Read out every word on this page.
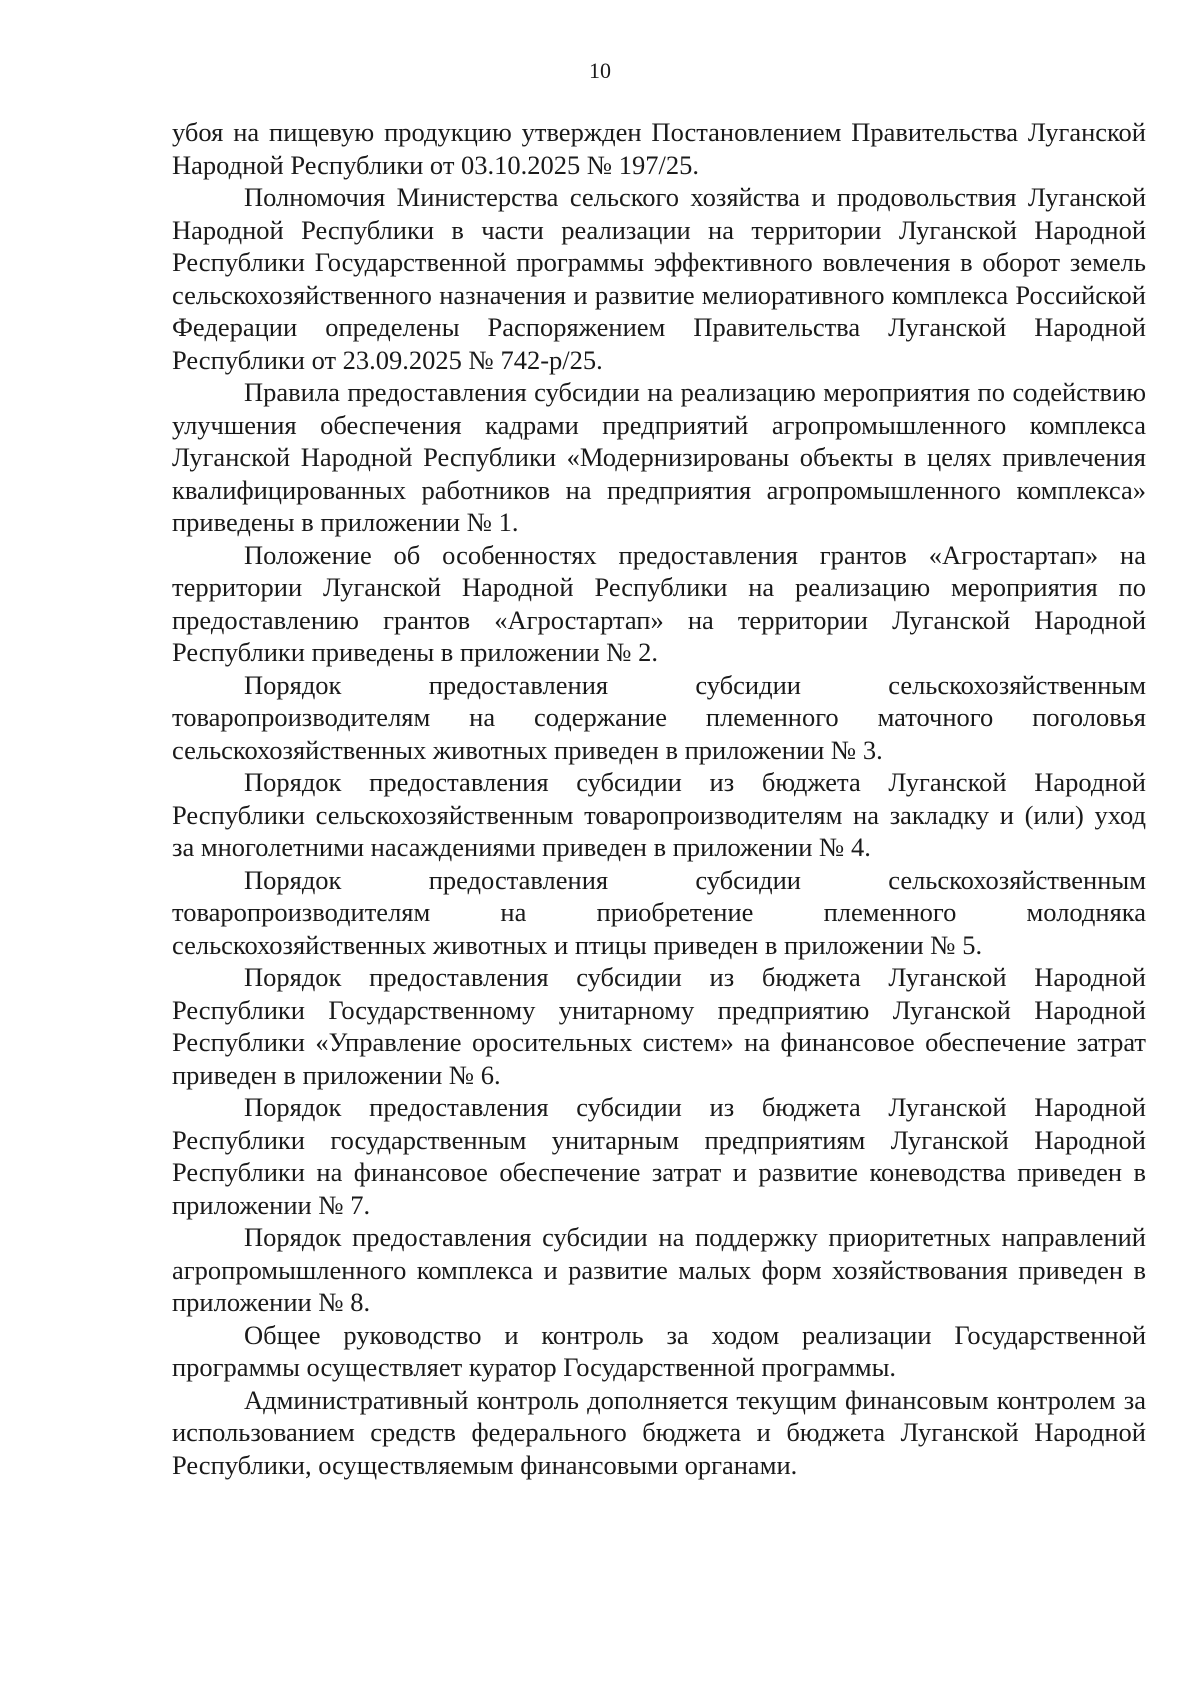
10

убоя на пищевую продукцию утвержден Постановлением Правительства Луганской Народной Республики от 03.10.2025 № 197/25.

Полномочия Министерства сельского хозяйства и продовольствия Луганской Народной Республики в части реализации на территории Луганской Народной Республики Государственной программы эффективного вовлечения в оборот земель сельскохозяйственного назначения и развитие мелиоративного комплекса Российской Федерации определены Распоряжением Правительства Луганской Народной Республики от 23.09.2025 № 742-р/25.

Правила предоставления субсидии на реализацию мероприятия по содействию улучшения обеспечения кадрами предприятий агропромышленного комплекса Луганской Народной Республики «Модернизированы объекты в целях привлечения квалифицированных работников на предприятия агропромышленного комплекса» приведены в приложении № 1.

Положение об особенностях предоставления грантов «Агростартап» на территории Луганской Народной Республики на реализацию мероприятия по предоставлению грантов «Агростартап» на территории Луганской Народной Республики приведены в приложении № 2.

Порядок предоставления субсидии сельскохозяйственным товаропроизводителям на содержание племенного маточного поголовья сельскохозяйственных животных приведен в приложении № 3.

Порядок предоставления субсидии из бюджета Луганской Народной Республики сельскохозяйственным товаропроизводителям на закладку и (или) уход за многолетними насаждениями приведен в приложении № 4.

Порядок предоставления субсидии сельскохозяйственным товаропроизводителям на приобретение племенного молодняка сельскохозяйственных животных и птицы приведен в приложении № 5.

Порядок предоставления субсидии из бюджета Луганской Народной Республики Государственному унитарному предприятию Луганской Народной Республики «Управление оросительных систем» на финансовое обеспечение затрат приведен в приложении № 6.

Порядок предоставления субсидии из бюджета Луганской Народной Республики государственным унитарным предприятиям Луганской Народной Республики на финансовое обеспечение затрат и развитие коневодства приведен в приложении № 7.

Порядок предоставления субсидии на поддержку приоритетных направлений агропромышленного комплекса и развитие малых форм хозяйствования приведен в приложении № 8.

Общее руководство и контроль за ходом реализации Государственной программы осуществляет куратор Государственной программы.

Административный контроль дополняется текущим финансовым контролем за использованием средств федерального бюджета и бюджета Луганской Народной Республики, осуществляемым финансовыми органами.
